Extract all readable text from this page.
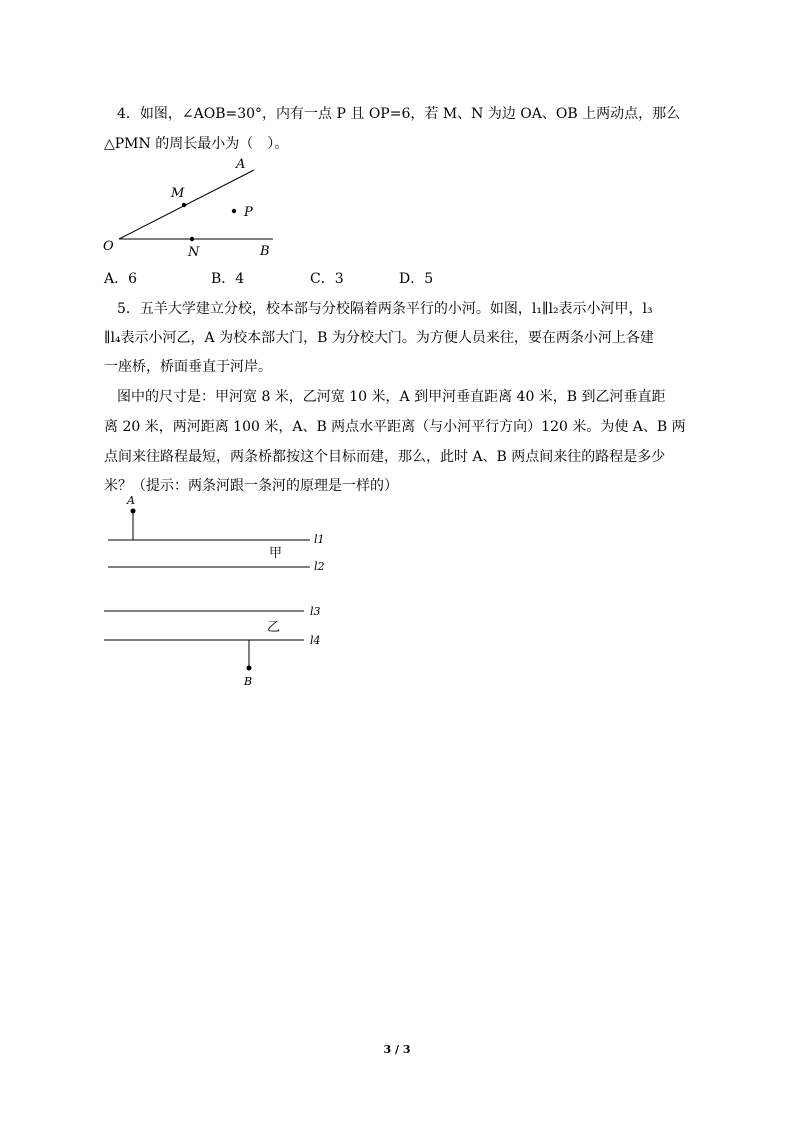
4．如图，∠AOB=30°，内有一点 P 且 OP=6，若 M、N 为边 OA、OB 上两动点，那么
△PMN 的周长最小为（　）。
A
M
P
O	N	B
A
B
l1
l2
l3
l4
甲
乙
A．6	B．4	C．3	D．5
5．五羊大学建立分校，校本部与分校隔着两条平行的小河。如图，l₁∥l₂表示小河甲，l₃
∥l₄表示小河乙，A 为校本部大门，B 为分校大门。为方便人员来往，要在两条小河上各建
一座桥，桥面垂直于河岸。
图中的尺寸是：甲河宽 8 米，乙河宽 10 米，A 到甲河垂直距离 40 米，B 到乙河垂直距
离 20 米，两河距离 100 米，A、B 两点水平距离（与小河平行方向）120 米。为使 A、B 两
点间来往路程最短，两条桥都按这个目标而建，那么，此时 A、B 两点间来往的路程是多少
米？（提示：两条河跟一条河的原理是一样的）
3 / 3
